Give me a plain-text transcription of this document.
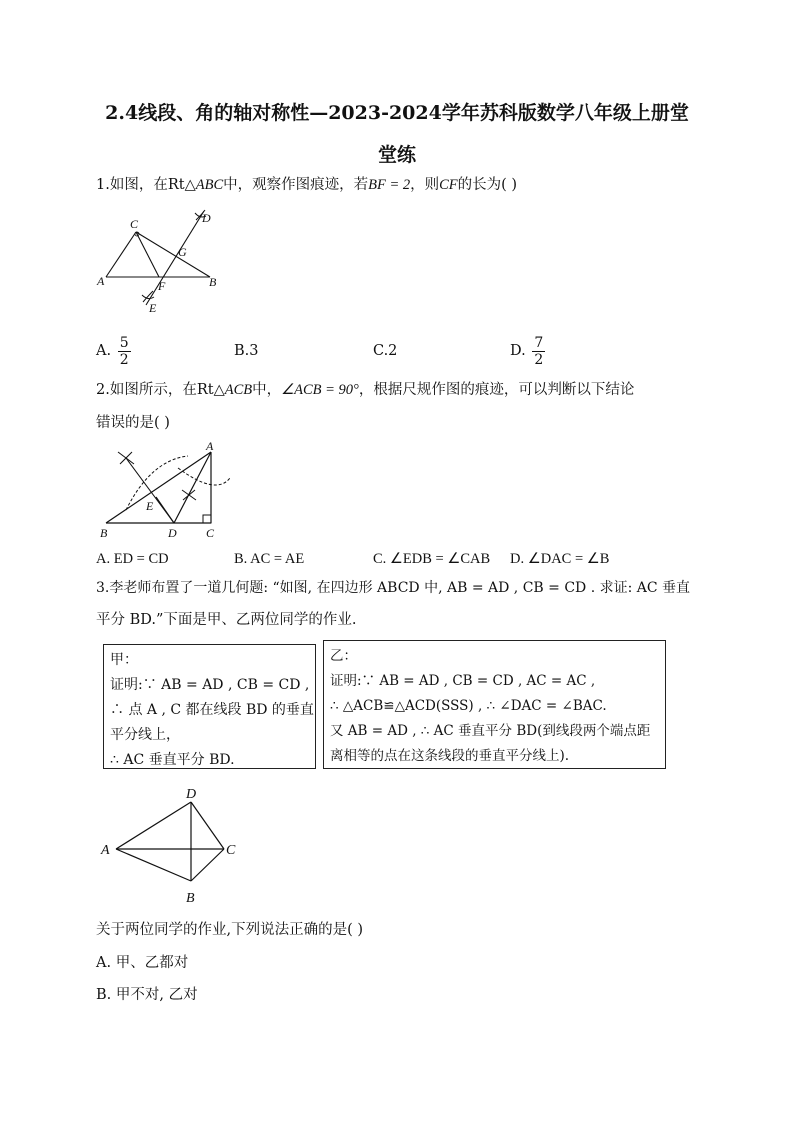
2.4线段、角的轴对称性—2023-2024学年苏科版数学八年级上册堂
堂练
1.如图，在Rt△ABC中，观察作图痕迹，若BF = 2，则CF的长为( )
C	D
G
A	F	B
E
A. $\frac{5}{2}$	B.3	C.2	D. $\frac{7}{2}$
2.如图所示，在Rt△ACB中，∠ACB = 90°，根据尺规作图的痕迹，可以判断以下结论
错误的是( )
A
B	D C
E
A. ED = CD	B. AC = AE	C. ∠EDB = ∠CAB D. ∠DAC = ∠B
3.李老师布置了一道几何题: “如图, 在四边形 ABCD 中, AB = AD , CB = CD . 求证: AC 垂直
平分 BD.”下面是甲、乙两位同学的作业.
甲：
证明:∵ AB = AD , CB = CD ,
∴ 点 A , C 都在线段 BD 的垂直
平分线上，
∴ AC 垂直平分 BD.
乙：
证明:∵ AB = AD , CB = CD , AC = AC ,
∴ △ACB≌△ACD(SSS) , ∴ ∠DAC = ∠BAC.
又 AB = AD , ∴ AC 垂直平分 BD(到线段两个端点距
离相等的点在这条线段的垂直平分线上).
A
D
C
B
关于两位同学的作业,下列说法正确的是( )
A. 甲、乙都对
B. 甲不对, 乙对
